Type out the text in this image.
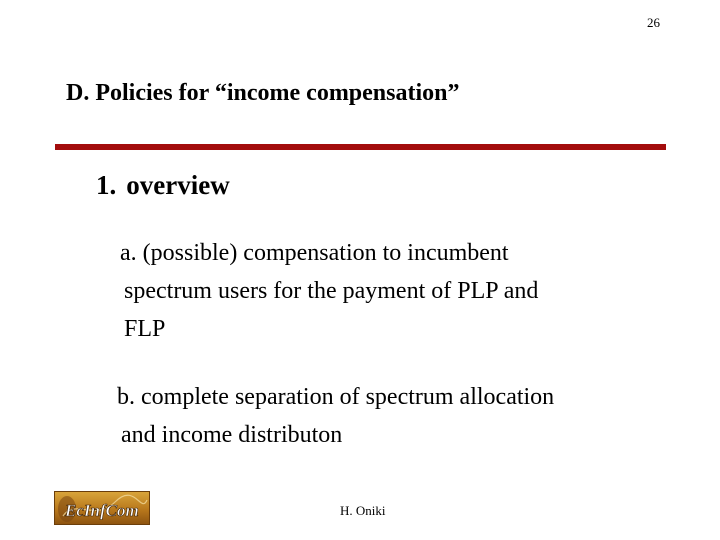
26
D. Policies for “income compensation”
1. overview
a. (possible) compensation to incumbent
spectrum users for the payment of PLP and
FLP
b. complete separation of spectrum allocation
and income distributon
EcInfCom	H. Oniki
